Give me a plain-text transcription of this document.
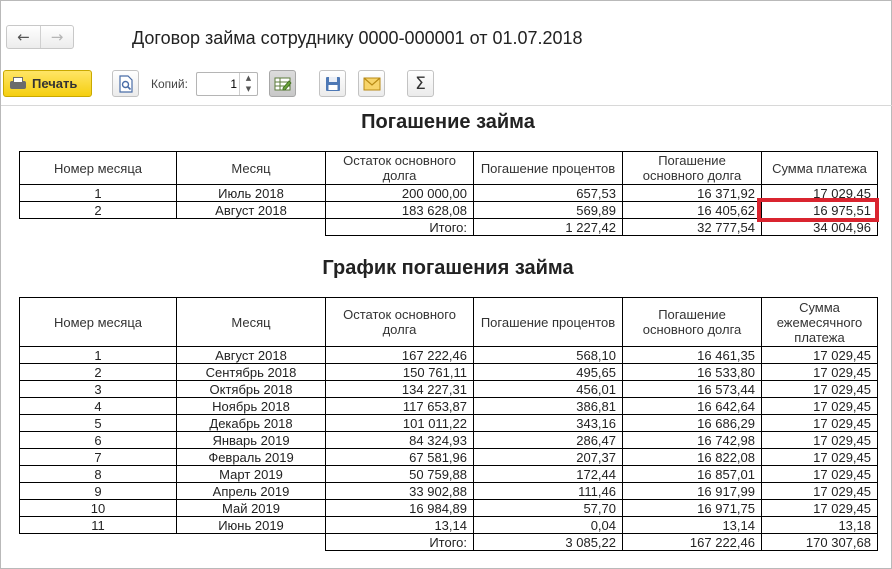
←	→	Договор займа сотруднику 0000-000001 от 01.07.2018
Печать	Копий:
1	▲
▼	Σ
Погашение займа
Номер месяца	Месяц	Остаток основного долга	Погашение процентов	Погашение основного долга	Сумма платежа
1	Июль 2018	200 000,00	657,53	16 371,92	17 029,45
2	Август 2018	183 628,08	569,89	16 405,62	16 975,51
		Итого:	1 227,42	32 777,54	34 004,96
График погашения займа
Номер месяца	Месяц	Остаток основного долга	Погашение процентов	Погашение основного долга	Сумма ежемесячного платежа
1	Август 2018	167 222,46	568,10	16 461,35	17 029,45
2	Сентябрь 2018	150 761,11	495,65	16 533,80	17 029,45
3	Октябрь 2018	134 227,31	456,01	16 573,44	17 029,45
4	Ноябрь 2018	117 653,87	386,81	16 642,64	17 029,45
5	Декабрь 2018	101 011,22	343,16	16 686,29	17 029,45
6	Январь 2019	84 324,93	286,47	16 742,98	17 029,45
7	Февраль 2019	67 581,96	207,37	16 822,08	17 029,45
8	Март 2019	50 759,88	172,44	16 857,01	17 029,45
9	Апрель 2019	33 902,88	111,46	16 917,99	17 029,45
10	Май 2019	16 984,89	57,70	16 971,75	17 029,45
11	Июнь 2019	13,14	0,04	13,14	13,18
		Итого:	3 085,22	167 222,46	170 307,68
